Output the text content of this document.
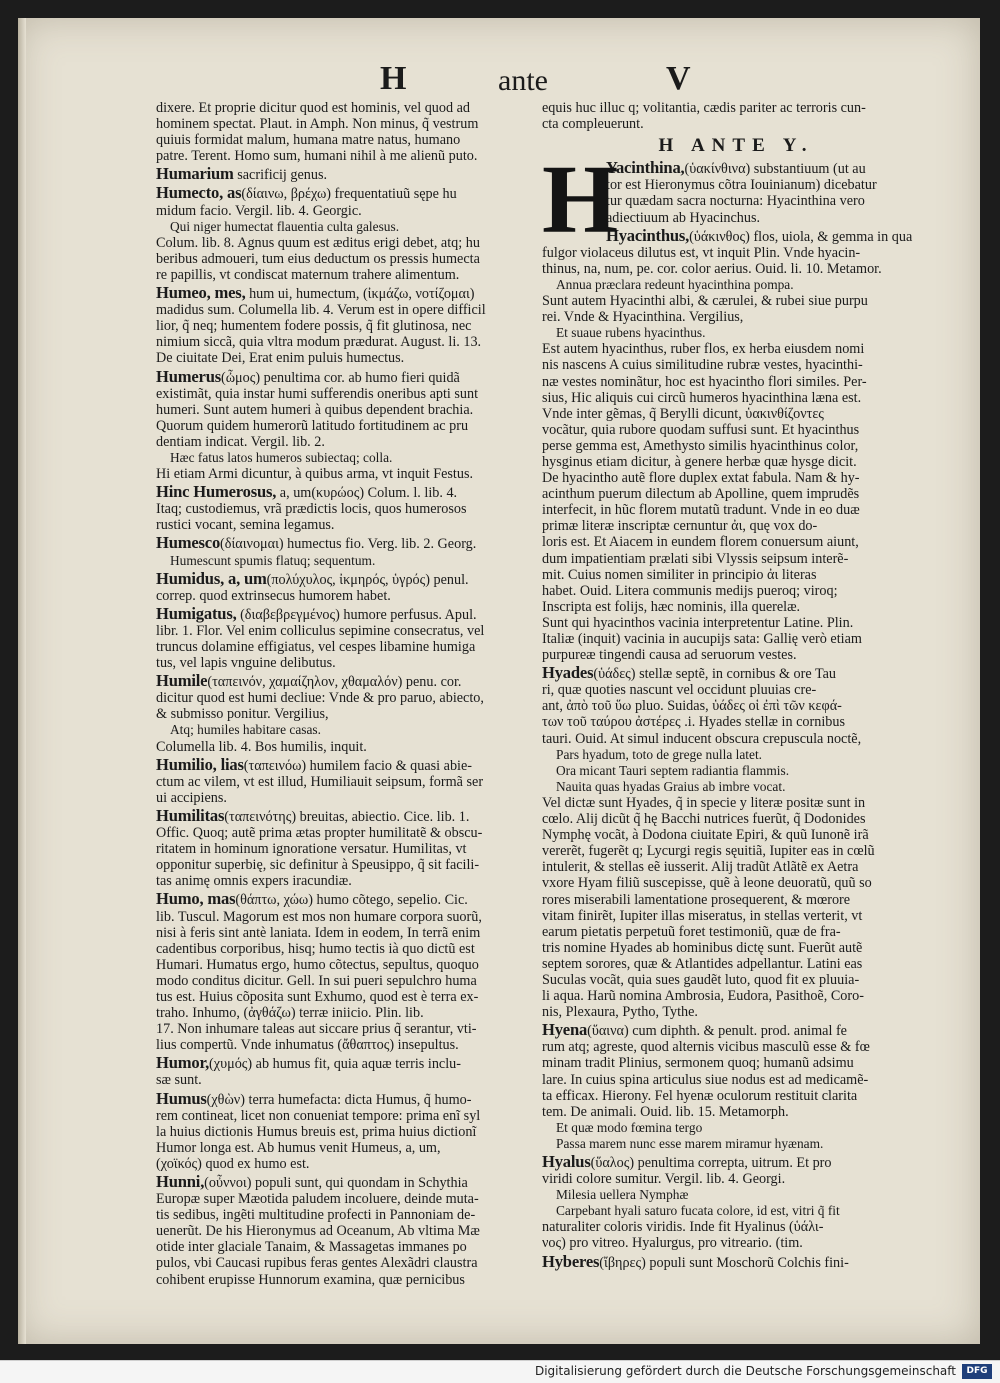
H	ante	V
dixere. Et proprie dicitur quod est hominis, vel quod ad
hominem spectat. Plaut. in Amph. Non minus, q̃ vestrum
quiuis formidat malum, humana matre natus, humano
patre. Terent. Homo sum, humani nihil à me alienũ puto.
Humarium sacrificij genus.
Humecto, as(δίαινω, βρέχω) frequentatiuũ sępe hu
midum facio. Vergil. lib. 4. Georgic.
Qui niger humectat flauentia culta galesus.
Colum. lib. 8. Agnus quum est æditus erigi debet, atq; hu
beribus admoueri, tum eius deductum os pressis humecta
re papillis, vt condiscat maternum trahere alimentum.
Humeo, mes, hum ui, humectum, (ἰκμάζω, νοτίζομαι)
madidus sum. Columella lib. 4. Verum est in opere difficil
lior, q̃ neq; humentem fodere possis, q̃ fit glutinosa, nec
nimium siccã, quia vltra modum prædurat. August. li. 13.
De ciuitate Dei, Erat enim puluis humectus.
Humerus(ὦμος) penultima cor. ab humo fieri quidã
existimãt, quia instar humi sufferendis oneribus apti sunt
humeri. Sunt autem humeri à quibus dependent brachia.
Quorum quidem humerorũ latitudo fortitudinem ac pru
dentiam indicat. Vergil. lib. 2.
Hæc fatus latos humeros subiectaq; colla.
Hi etiam Armi dicuntur, à quibus arma, vt inquit Festus.
Hinc Humerosus, a, um(κυρώος) Colum. l. lib. 4.
Itaq; custodiemus, vrã prædictis locis, quos humerosos
rustici vocant, semina legamus.
Humesco(δίαινομαι) humectus fio. Verg. lib. 2. Georg.
Humescunt spumis flatuq; sequentum.
Humidus, a, um(πολύχυλος, ἰκμηρός, ὑγρός) penul.
correp. quod extrinsecus humorem habet.
Humigatus, (διαβεβρεγμένος) humore perfusus. Apul.
libr. 1. Flor. Vel enim colliculus sepimine consecratus, vel
truncus dolamine effigiatus, vel cespes libamine humiga
tus, vel lapis vnguine delibutus.
Humile(ταπεινόν, χαμαίζηλον, χθαμαλόν) penu. cor.
dicitur quod est humi decliue: Vnde & pro paruo, abiecto,
& submisso ponitur. Vergilius,
Atq; humiles habitare casas.
Columella lib. 4. Bos humilis, inquit.
Humilio, lias(ταπεινόω) humilem facio & quasi abie-
ctum ac vilem, vt est illud, Humiliauit seipsum, formã ser
ui accipiens.
Humilitas(ταπεινότης) breuitas, abiectio. Cice. lib. 1.
Offic. Quoq; autẽ prima ætas propter humilitatẽ & obscu-
ritatem in hominum ignoratione versatur. Humilitas, vt
opponitur superbię, sic definitur à Speusippo, q̃ sit facili-
tas animę omnis expers iracundiæ.
Humo, mas(θάπτω, χώω) humo cõtego, sepelio. Cic.
lib. Tuscul. Magorum est mos non humare corpora suorũ,
nisi à feris sint antè laniata. Idem in eodem, In terrã enim
cadentibus corporibus, hisq; humo tectis ià quo dictũ est
Humari. Humatus ergo, humo cõtectus, sepultus, quoquo
modo conditus dicitur. Gell. In sui pueri sepulchro huma
tus est. Huius cõposita sunt Exhumo, quod est è terra ex-
traho. Inhumo, (ἀγθάζω) terræ iniicio. Plin. lib.
17. Non inhumare taleas aut siccare prius q̃ serantur, vti-
lius compertũ. Vnde inhumatus (ἄθαπτος) insepultus.
Humor,(χυμός) ab humus fit, quia aquæ terris inclu-
sæ sunt.
Humus(χθὼν) terra humefacta: dicta Humus, q̃ humo-
rem contineat, licet non conueniat tempore: prima enĩ syl
la huius dictionis Humus breuis est, prima huius dictionĩ
Humor longa est. Ab humus venit Humeus, a, um,
(χοϊκός) quod ex humo est.
Hunni,(οὖννοι) populi sunt, qui quondam in Schythia
Europæ super Mæotida paludem incoluere, deinde muta-
tis sedibus, ingẽti multitudine profecti in Pannoniam de-
uenerũt. De his Hieronymus ad Oceanum, Ab vltima Mæ
otide inter glaciale Tanaim, & Massagetas immanes po
pulos, vbi Caucasi rupibus feras gentes Alexãdri claustra
cohibent erupisse Hunnorum examina, quæ pernicibus
equis huc illuc q; volitantia, cædis pariter ac terroris cun-
cta compleuerunt.
H ANTE Y.
H
Yacinthina,(ὑακίνθινα) substantiuum (ut au
tor est Hieronymus cõtra Iouinianum) dicebatur
tur quædam sacra nocturna: Hyacinthina vero
adiectiuum ab Hyacinchus.
Hyacinthus,(ὑάκινθος) flos, uiola, & gemma in qua
fulgor violaceus dilutus est, vt inquit Plin. Vnde hyacin-
thinus, na, num, pe. cor. color aerius. Ouid. li. 10. Metamor.
Annua præclara redeunt hyacinthina pompa.
Sunt autem Hyacinthi albi, & cærulei, & rubei siue purpu
rei. Vnde & Hyacinthina. Vergilius,
Et suaue rubens hyacinthus.
Est autem hyacinthus, ruber flos, ex herba eiusdem nomi
nis nascens A cuius similitudine rubræ vestes, hyacinthi-
næ vestes nominãtur, hoc est hyacintho flori similes. Per-
sius, Hic aliquis cui circũ humeros hyacinthina læna est.
Vnde inter gẽmas, q̃ Berylli dicunt, ὑακινθίζοντες
vocãtur, quia rubore quodam suffusi sunt. Et hyacinthus
perse gemma est, Amethysto similis hyacinthinus color,
hysginus etiam dicitur, à genere herbæ quæ hysge dicit.
De hyacintho autẽ flore duplex extat fabula. Nam & hy-
acinthum puerum dilectum ab Apolline, quem imprudẽs
interfecit, in hũc florem mutatũ tradunt. Vnde in eo duæ
primæ literæ inscriptæ cernuntur ἀι, quę vox do-
loris est. Et Aiacem in eundem florem conuersum aiunt,
dum impatientiam prælati sibi Vlyssis seipsum interẽ-
mit. Cuius nomen similiter in principio ἀι literas
habet. Ouid. Litera communis medijs pueroq; viroq;
Inscripta est folijs, hæc nominis, illa querelæ.
Sunt qui hyacinthos vacinia interpretentur Latine. Plin.
Italiæ (inquit) vacinia in aucupijs sata: Gallię verò etiam
purpureæ tingendi causa ad seruorum vestes.
Hyades(ὑάδες) stellæ septẽ, in cornibus & ore Tau
ri, quæ quoties nascunt vel occidunt pluuias cre-
ant, ἀπὸ τοῦ ὕω pluo. Suidas, ὑάδες οἱ ἐπὶ τῶν κεφά-
των τοῦ ταύρου ἀστέρες .i. Hyades stellæ in cornibus
tauri. Ouid. At simul inducent obscura crepuscula noctẽ,
Pars hyadum, toto de grege nulla latet.
Ora micant Tauri septem radiantia flammis.
Nauita quas hyadas Graius ab imbre vocat.
Vel dictæ sunt Hyades, q̃ in specie y literæ positæ sunt in
cœlo. Alij dicũt q̃ hę Bacchi nutrices fuerũt, q̃ Dodonides
Nymphę vocãt, à Dodona ciuitate Epiri, & quũ Iunonẽ irã
vererẽt, fugerẽt q; Lycurgi regis sęuitiã, Iupiter eas in cœlũ
intulerit, & stellas eẽ iusserit. Alij tradũt Atlãtẽ ex Aetra
vxore Hyam filiũ suscepisse, quẽ à leone deuoratũ, quũ so
rores miserabili lamentatione prosequerent, & mœrore
vitam finirẽt, Iupiter illas miseratus, in stellas verterit, vt
earum pietatis perpetuũ foret testimoniũ, quæ de fra-
tris nomine Hyades ab hominibus dictę sunt. Fuerũt autẽ
septem sorores, quæ & Atlantides adpellantur. Latini eas
Suculas vocãt, quia sues gaudẽt luto, quod fit ex pluuia-
li aqua. Harũ nomina Ambrosia, Eudora, Pasithoẽ, Coro-
nis, Plexaura, Pytho, Tythe.
Hyena(ὕαινα) cum diphth. & penult. prod. animal fe
rum atq; agreste, quod alternis vicibus masculũ esse & fœ
minam tradit Plinius, sermonem quoq; humanũ adsimu
lare. In cuius spina articulus siue nodus est ad medicamẽ-
ta efficax. Hierony. Fel hyenæ oculorum restituit clarita
tem. De animali. Ouid. lib. 15. Metamorph.
Et quæ modo fœmina tergo
Passa marem nunc esse marem miramur hyænam.
Hyalus(ὕαλος) penultima correpta, uitrum. Et pro
viridi colore sumitur. Vergil. lib. 4. Georgi.
Milesia uellera Nymphæ
Carpebant hyali saturo fucata colore, id est, vitri q̃ fit
naturaliter coloris viridis. Inde fit Hyalinus (ὑάλι-
νος) pro vitreo. Hyalurgus, pro vitreario. (tim.
Hyberes(ἴβηρες) populi sunt Moschorũ Colchis fini-
Digitalisierung gefördert durch die Deutsche Forschungsgemeinschaft	DFG
